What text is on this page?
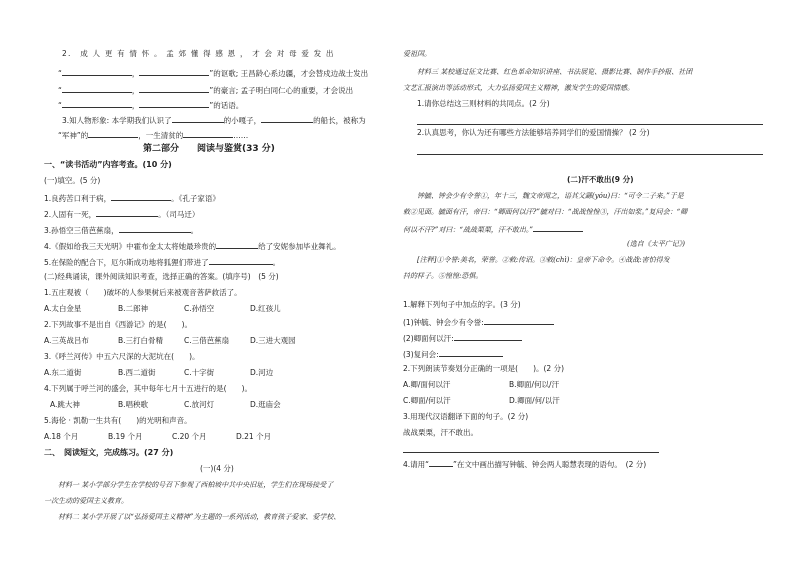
2.　成 人 更 有 情 怀 。 孟 郊 懂 得 感 恩 ， 才 会 对 母 爱 发 出
“	，	”的讴歌; 王昌龄心系边疆，才会替戍边战士发出
“	，	”的豪言; 孟子明白同仁心的重要，才会说出
“	，	”的话语。
3.知人物形象: 本学期我们认识了	的小嘎子，	的船长，被称为
“军神”的	，一生清贫的	……
第二部分　　阅读与鉴赏(33 分)
一、“读书活动”内容考查。(10 分)
(一)填空。(5 分)
1.良药苦口利于病，	。《孔子家语》
2.人固有一死，	。（司马迁）
3.孙悟空三借芭蕉扇，	。
4.《假如给我三天光明》中霍布金太太将她最珍贵的	给了安妮参加毕业舞礼。
5.在保险的配合下，厄尔斯成功地将狐狸们带进了	。
(二)经典诵读，课外阅读知识考查，选择正确的答案。(填序号)　(5 分)
1.五庄观被（　　)破坏的人参果树后来被观音菩萨救活了。
A.太白金星	B.二郎神	C.孙悟空	D.红孩儿
2.下列故事不是出自《西游记》的是(　　)。
A.三英战吕布	B.三打白骨精	C.三借芭蕉扇	D.三进大观园
3.《呼兰河传》中五六尺深的大泥坑在(　　)。
A.东二道街	B.西二道街	C.十字街	D.河边
4.下列属于呼兰河的盛会，其中每年七月十五进行的是(　　)。
A.跳大神	B.唱秧歌	C.放河灯	D.逛庙会
5.海伦 · 凯勒一生共有(　　)的光明和声音。
A.18 个月	B.19 个月	C.20 个月	D.21 个月
二、　阅读短文，完成练习。(27 分)
(一)(4 分)
材料一 某小学部分学生在学校的号召下参观了西柏坡中共中央旧址，学生们在现场接受了
一次生动的爱国主义教育。
材料二 某小学开展了以“弘扬爱国主义精神”为主题的一系列活动，教育孩子爱家、爱学校、
爱祖国。
材料三 某校通过征文比赛、红色革命知识讲座、书法展览、摄影比赛、制作手抄报、社团
文艺汇报演出等活动形式，大力弘扬爱国主义精神，激发学生的爱国情感。
1.请你总结这三则材料的共同点。(2 分)
2.认真思考，你认为还有哪些方法能够培养同学们的爱国情操？ (2 分)
(二)汗不敢出(9 分)
钟毓、钟会少有令誉①，年十三，魏文帝闻之，语其父繇(yóu)曰：“可令二子来。”于是
敕②见面。毓面有汗，帝曰：“卿面何以汗?”毓对曰：“战战惶惶③，汗出如浆。”复问会：“卿
何以不汗?”对曰：“战战栗栗，汗不敢出。”
(选自《太平广记》)
[注释]①令誉:美名，荣誉。②敕:传诏。③敕(chì)：皇帝下命令。④战战:害怕得发
抖的样子。⑤惶惶:恐惧。
1.解释下列句子中加点的字。(3 分)
(1)钟毓、钟会少有令誉:
(2)卿面何以汗:
(3)复问会:
2.下列朗读节奏划分正确的一项是(　　)。(2 分)
A.卿/面何以汗	B.卿面/何以/汗
C.卿面/何以汗	D.卿面/何/以汗
3.用现代汉语翻译下面的句子。(2 分)
战战栗栗，汗不敢出。
4.请用“	”在文中画出描写钟毓、钟会两人聪慧表现的语句。　(2 分)
